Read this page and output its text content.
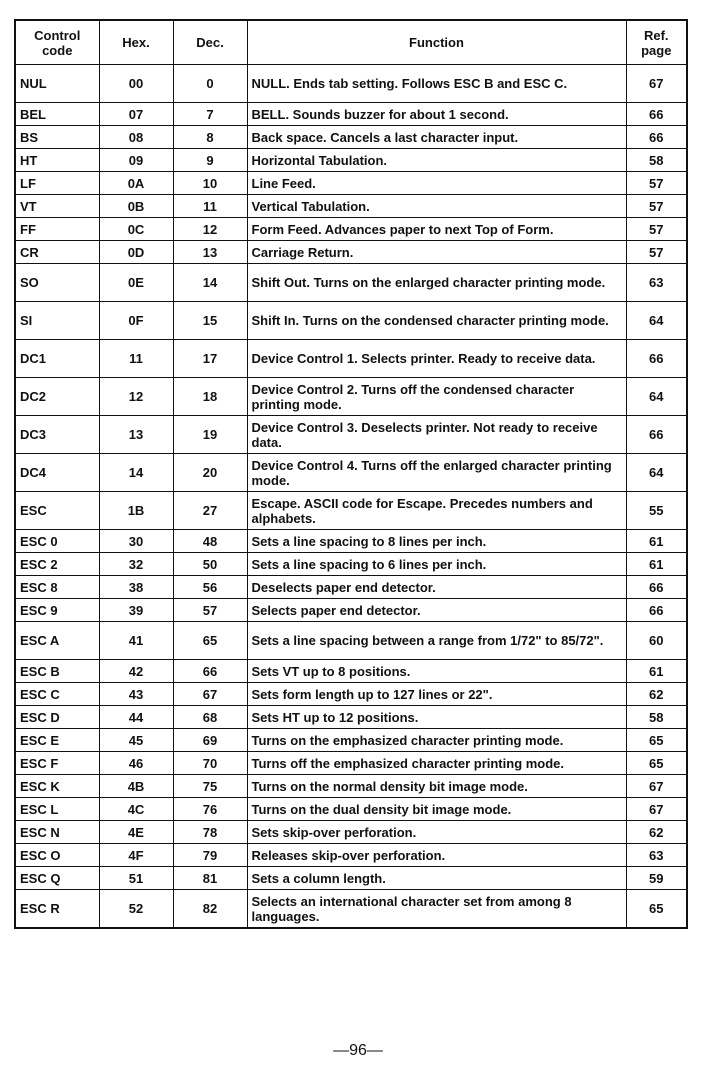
Control code	Hex.	Dec.	Function	Ref. page
NUL	00	0	NULL. Ends tab setting. Follows ESC B and ESC C.	67
BEL	07	7	BELL. Sounds buzzer for about 1 second.	66
BS	08	8	Back space. Cancels a last character input.	66
HT	09	9	Horizontal Tabulation.	58
LF	0A	10	Line Feed.	57
VT	0B	11	Vertical Tabulation.	57
FF	0C	12	Form Feed. Advances paper to next Top of Form.	57
CR	0D	13	Carriage Return.	57
SO	0E	14	Shift Out. Turns on the enlarged character printing mode.	63
SI	0F	15	Shift In. Turns on the condensed character printing mode.	64
DC1	11	17	Device Control 1. Selects printer. Ready to receive data.	66
DC2	12	18	Device Control 2. Turns off the condensed character printing mode.	64
DC3	13	19	Device Control 3. Deselects printer. Not ready to receive data.	66
DC4	14	20	Device Control 4. Turns off the enlarged character printing mode.	64
ESC	1B	27	Escape. ASCII code for Escape. Precedes numbers and alphabets.	55
ESC 0	30	48	Sets a line spacing to 8 lines per inch.	61
ESC 2	32	50	Sets a line spacing to 6 lines per inch.	61
ESC 8	38	56	Deselects paper end detector.	66
ESC 9	39	57	Selects paper end detector.	66
ESC A	41	65	Sets a line spacing between a range from 1/72" to 85/72".	60
ESC B	42	66	Sets VT up to 8 positions.	61
ESC C	43	67	Sets form length up to 127 lines or 22".	62
ESC D	44	68	Sets HT up to 12 positions.	58
ESC E	45	69	Turns on the emphasized character printing mode.	65
ESC F	46	70	Turns off the emphasized character printing mode.	65
ESC K	4B	75	Turns on the normal density bit image mode.	67
ESC L	4C	76	Turns on the dual density bit image mode.	67
ESC N	4E	78	Sets skip-over perforation.	62
ESC O	4F	79	Releases skip-over perforation.	63
ESC Q	51	81	Sets a column length.	59
ESC R	52	82	Selects an international character set from among 8 languages.	65
—96—
